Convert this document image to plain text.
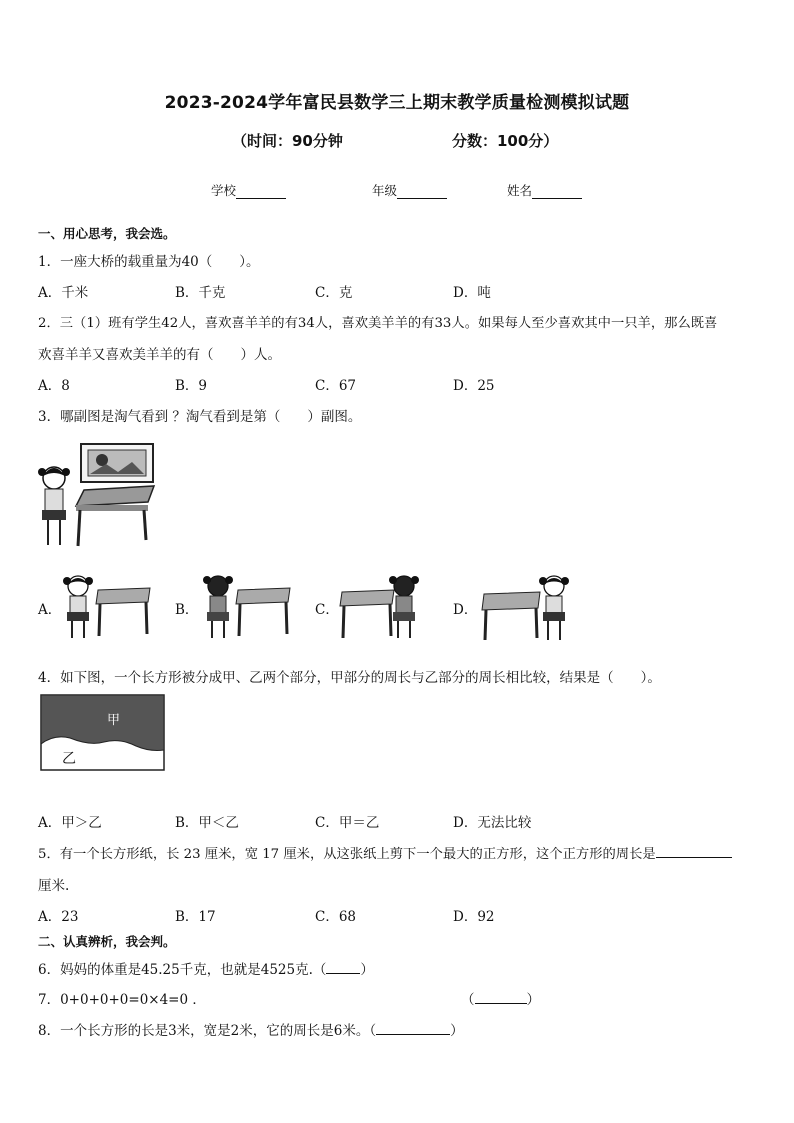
2023-2024学年富民县数学三上期末教学质量检测模拟试题
（时间：90分钟	分数：100分）
学校	年级	姓名
一、用心思考，我会选。
1．一座大桥的载重量为40（　　）。
A．千米	B．千克	C．克	D．吨
2．三（1）班有学生42人，喜欢喜羊羊的有34人，喜欢美羊羊的有33人。如果每人至少喜欢其中一只羊，那么既喜
欢喜羊羊又喜欢美羊羊的有（　　）人。
A．8	B．9	C．67	D．25
3．哪副图是淘气看到 ？淘气看到是第（　　）副图。
A．	B．	C．	D．
4．如下图，一个长方形被分成甲、乙两个部分，甲部分的周长与乙部分的周长相比较，结果是（　　）。
甲
乙
A．甲＞乙	B．甲＜乙	C．甲＝乙	D．无法比较
5．有一个长方形纸，长 23 厘米，宽 17 厘米，从这张纸上剪下一个最大的正方形，这个正方形的周长是
厘米.
A．23	B．17	C．68	D．92
二、认真辨析，我会判。
6．妈妈的体重是45.25千克，也就是4525克.（	）
7．0+0+0+0=0×4=0 ．	（	）
8．一个长方形的长是3米，宽是2米，它的周长是6米。（	）
